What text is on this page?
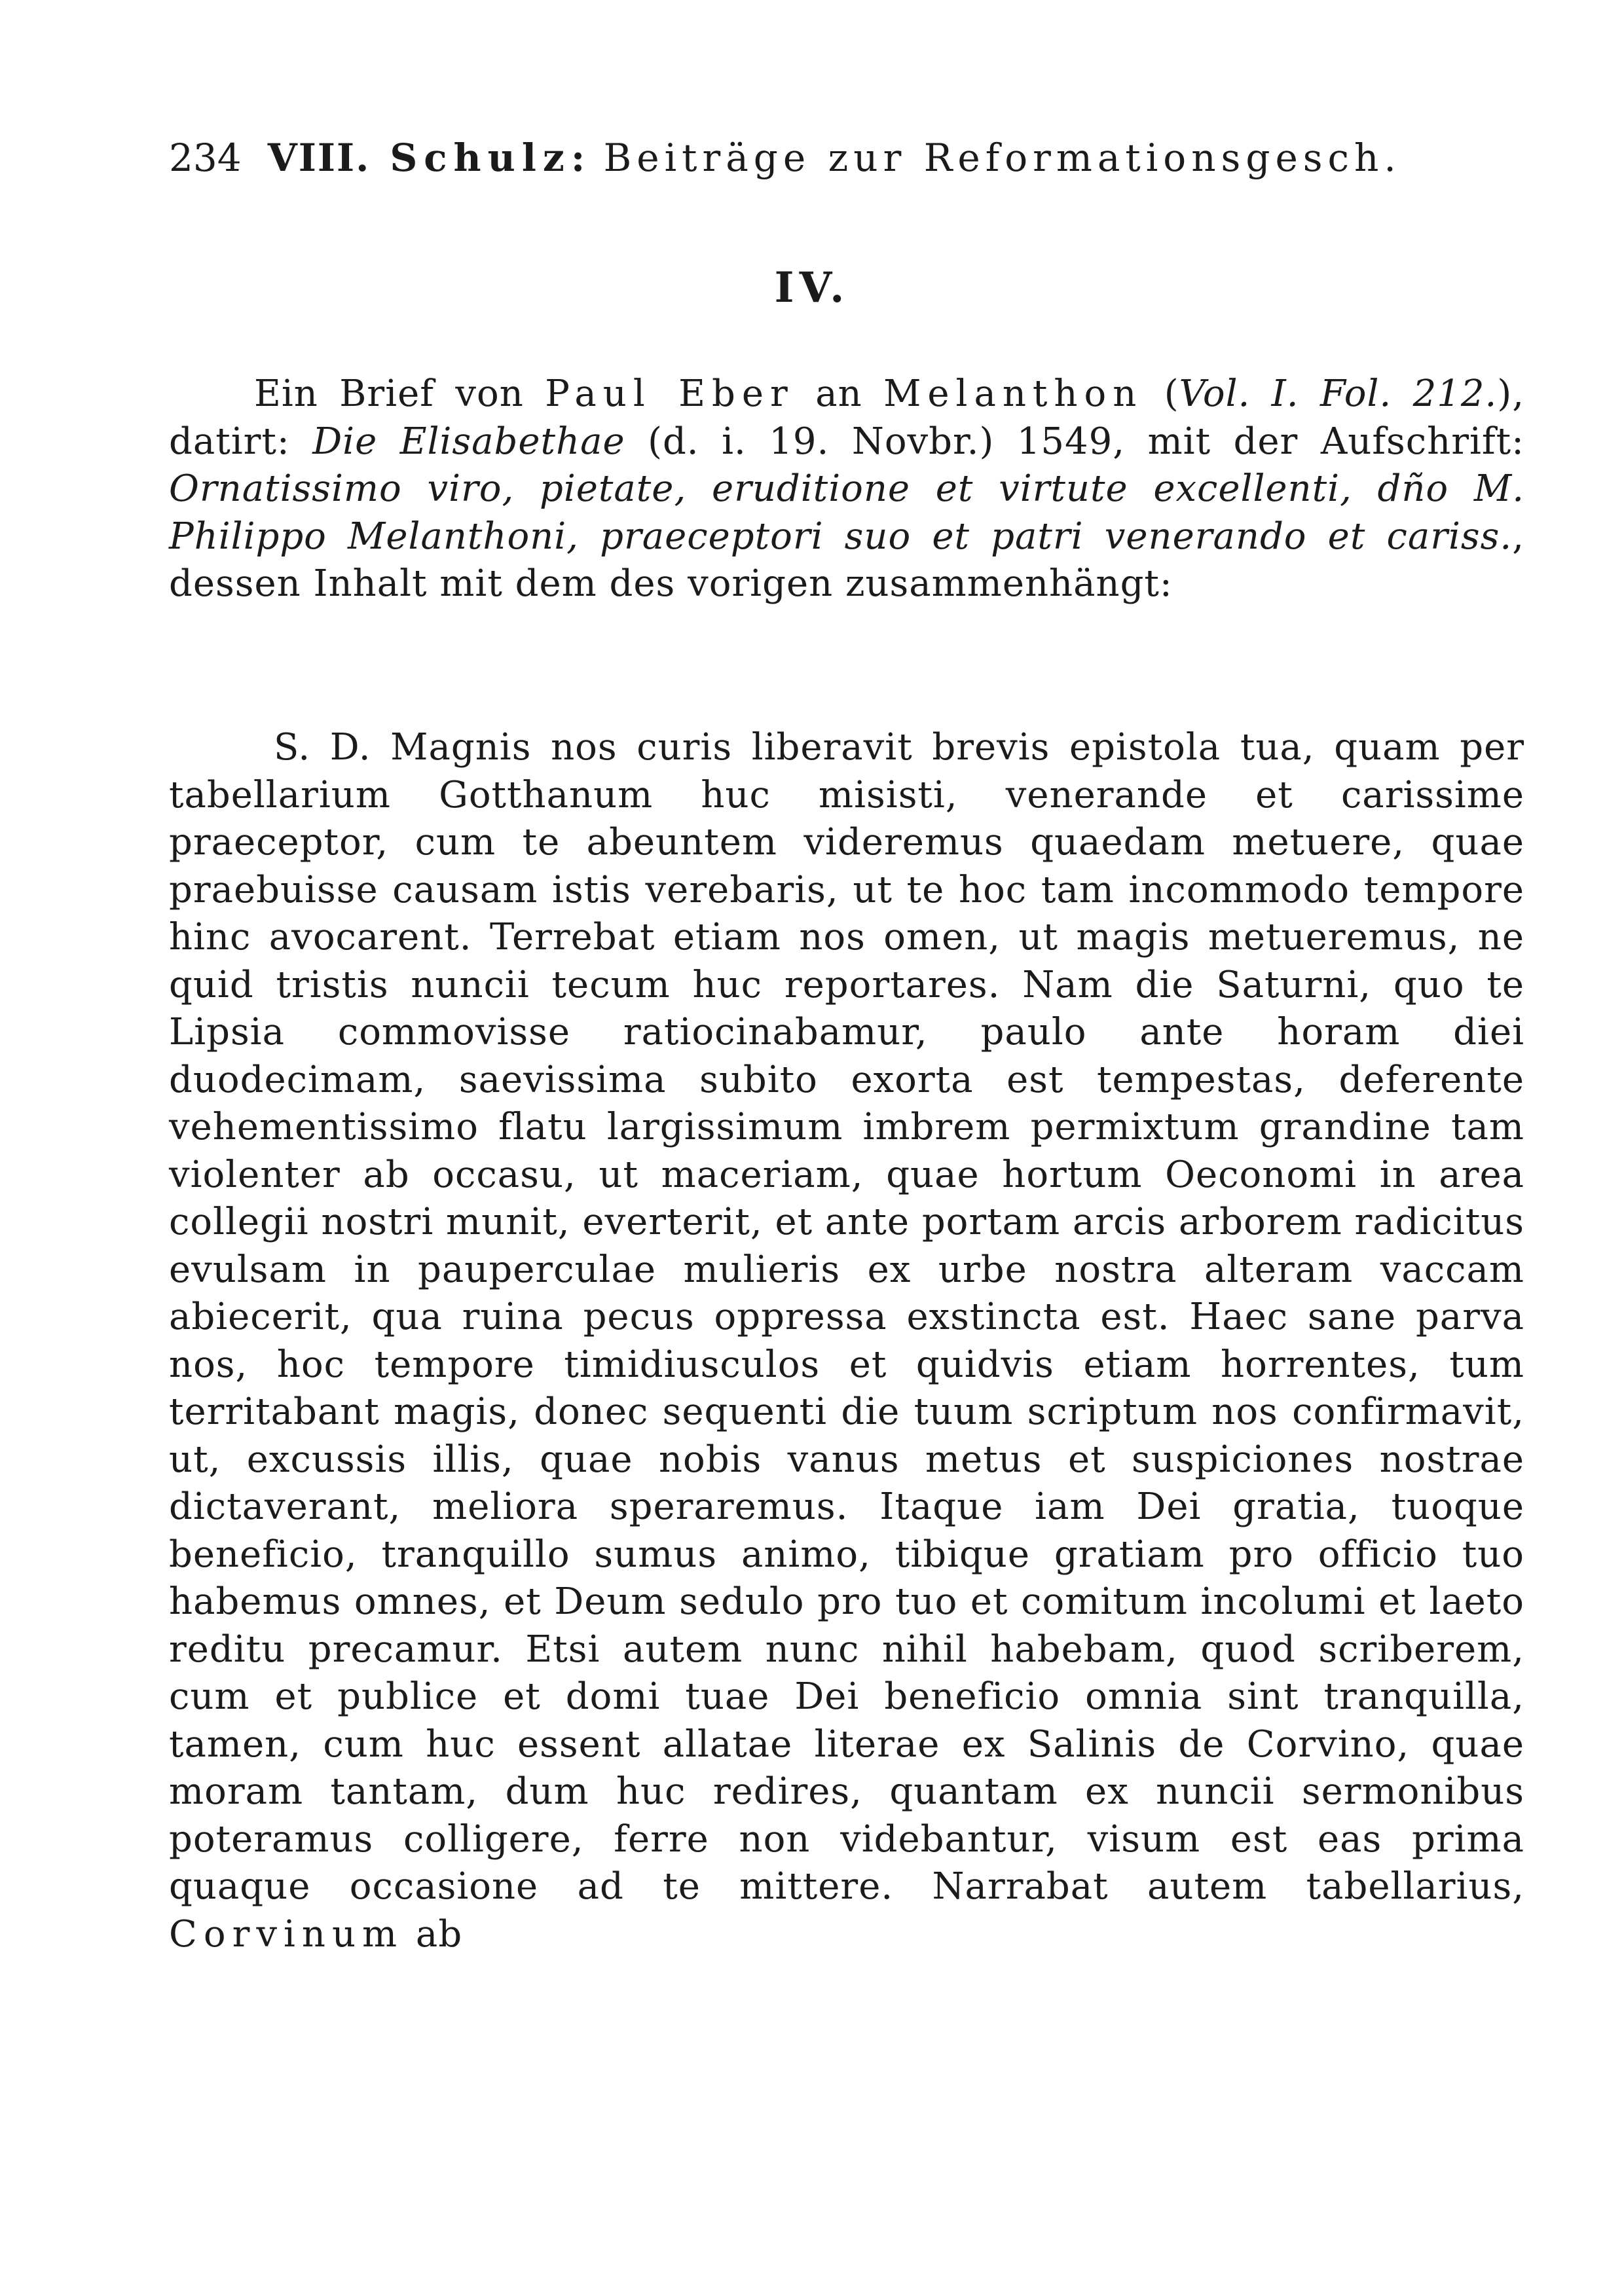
234 VIII. Schulz: Beiträge zur Reformationsgesch.
IV.

Ein Brief von Paul Eber an Melanthon (Vol. I. Fol. 212.), datirt: Die Elisabethae (d. i. 19. Novbr.) 1549, mit der Aufschrift: Ornatissimo viro, pietate, eruditione et virtute excellenti, dño M. Philippo Melanthoni, praeceptori suo et patri venerando et cariss., dessen Inhalt mit dem des vorigen zusammenhängt:

S. D. Magnis nos curis liberavit brevis epistola tua, quam per tabellarium Gotthanum huc misisti, venerande et carissime praeceptor, cum te abeuntem videremus quaedam metuere, quae praebuisse causam istis verebaris, ut te hoc tam incommodo tempore hinc avocarent. Terrebat etiam nos omen, ut magis metueremus, ne quid tristis nuncii tecum huc reportares. Nam die Saturni, quo te Lipsia commovisse ratiocinabamur, paulo ante horam diei duodecimam, saevissima subito exorta est tempestas, deferente vehementissimo flatu largissimum imbrem permixtum grandine tam violenter ab occasu, ut maceriam, quae hortum Oeconomi in area collegii nostri munit, everterit, et ante portam arcis arborem radicitus evulsam in pauperculae mulieris ex urbe nostra alteram vaccam abiecerit, qua ruina pecus oppressa exstincta est. Haec sane parva nos, hoc tempore timidiusculos et quidvis etiam horrentes, tum territabant magis, donec sequenti die tuum scriptum nos confirmavit, ut, excussis illis, quae nobis vanus metus et suspiciones nostrae dictaverant, meliora speraremus. Itaque iam Dei gratia, tuoque beneficio, tranquillo sumus animo, tibique gratiam pro officio tuo habemus omnes, et Deum sedulo pro tuo et comitum incolumi et laeto reditu precamur. Etsi autem nunc nihil habebam, quod scriberem, cum et publice et domi tuae Dei beneficio omnia sint tranquilla, tamen, cum huc essent allatae literae ex Salinis de Corvino, quae moram tantam, dum huc redires, quantam ex nuncii sermonibus poteramus colligere, ferre non videbantur, visum est eas prima quaque occasione ad te mittere. Narrabat autem tabellarius, Corvinum ab
